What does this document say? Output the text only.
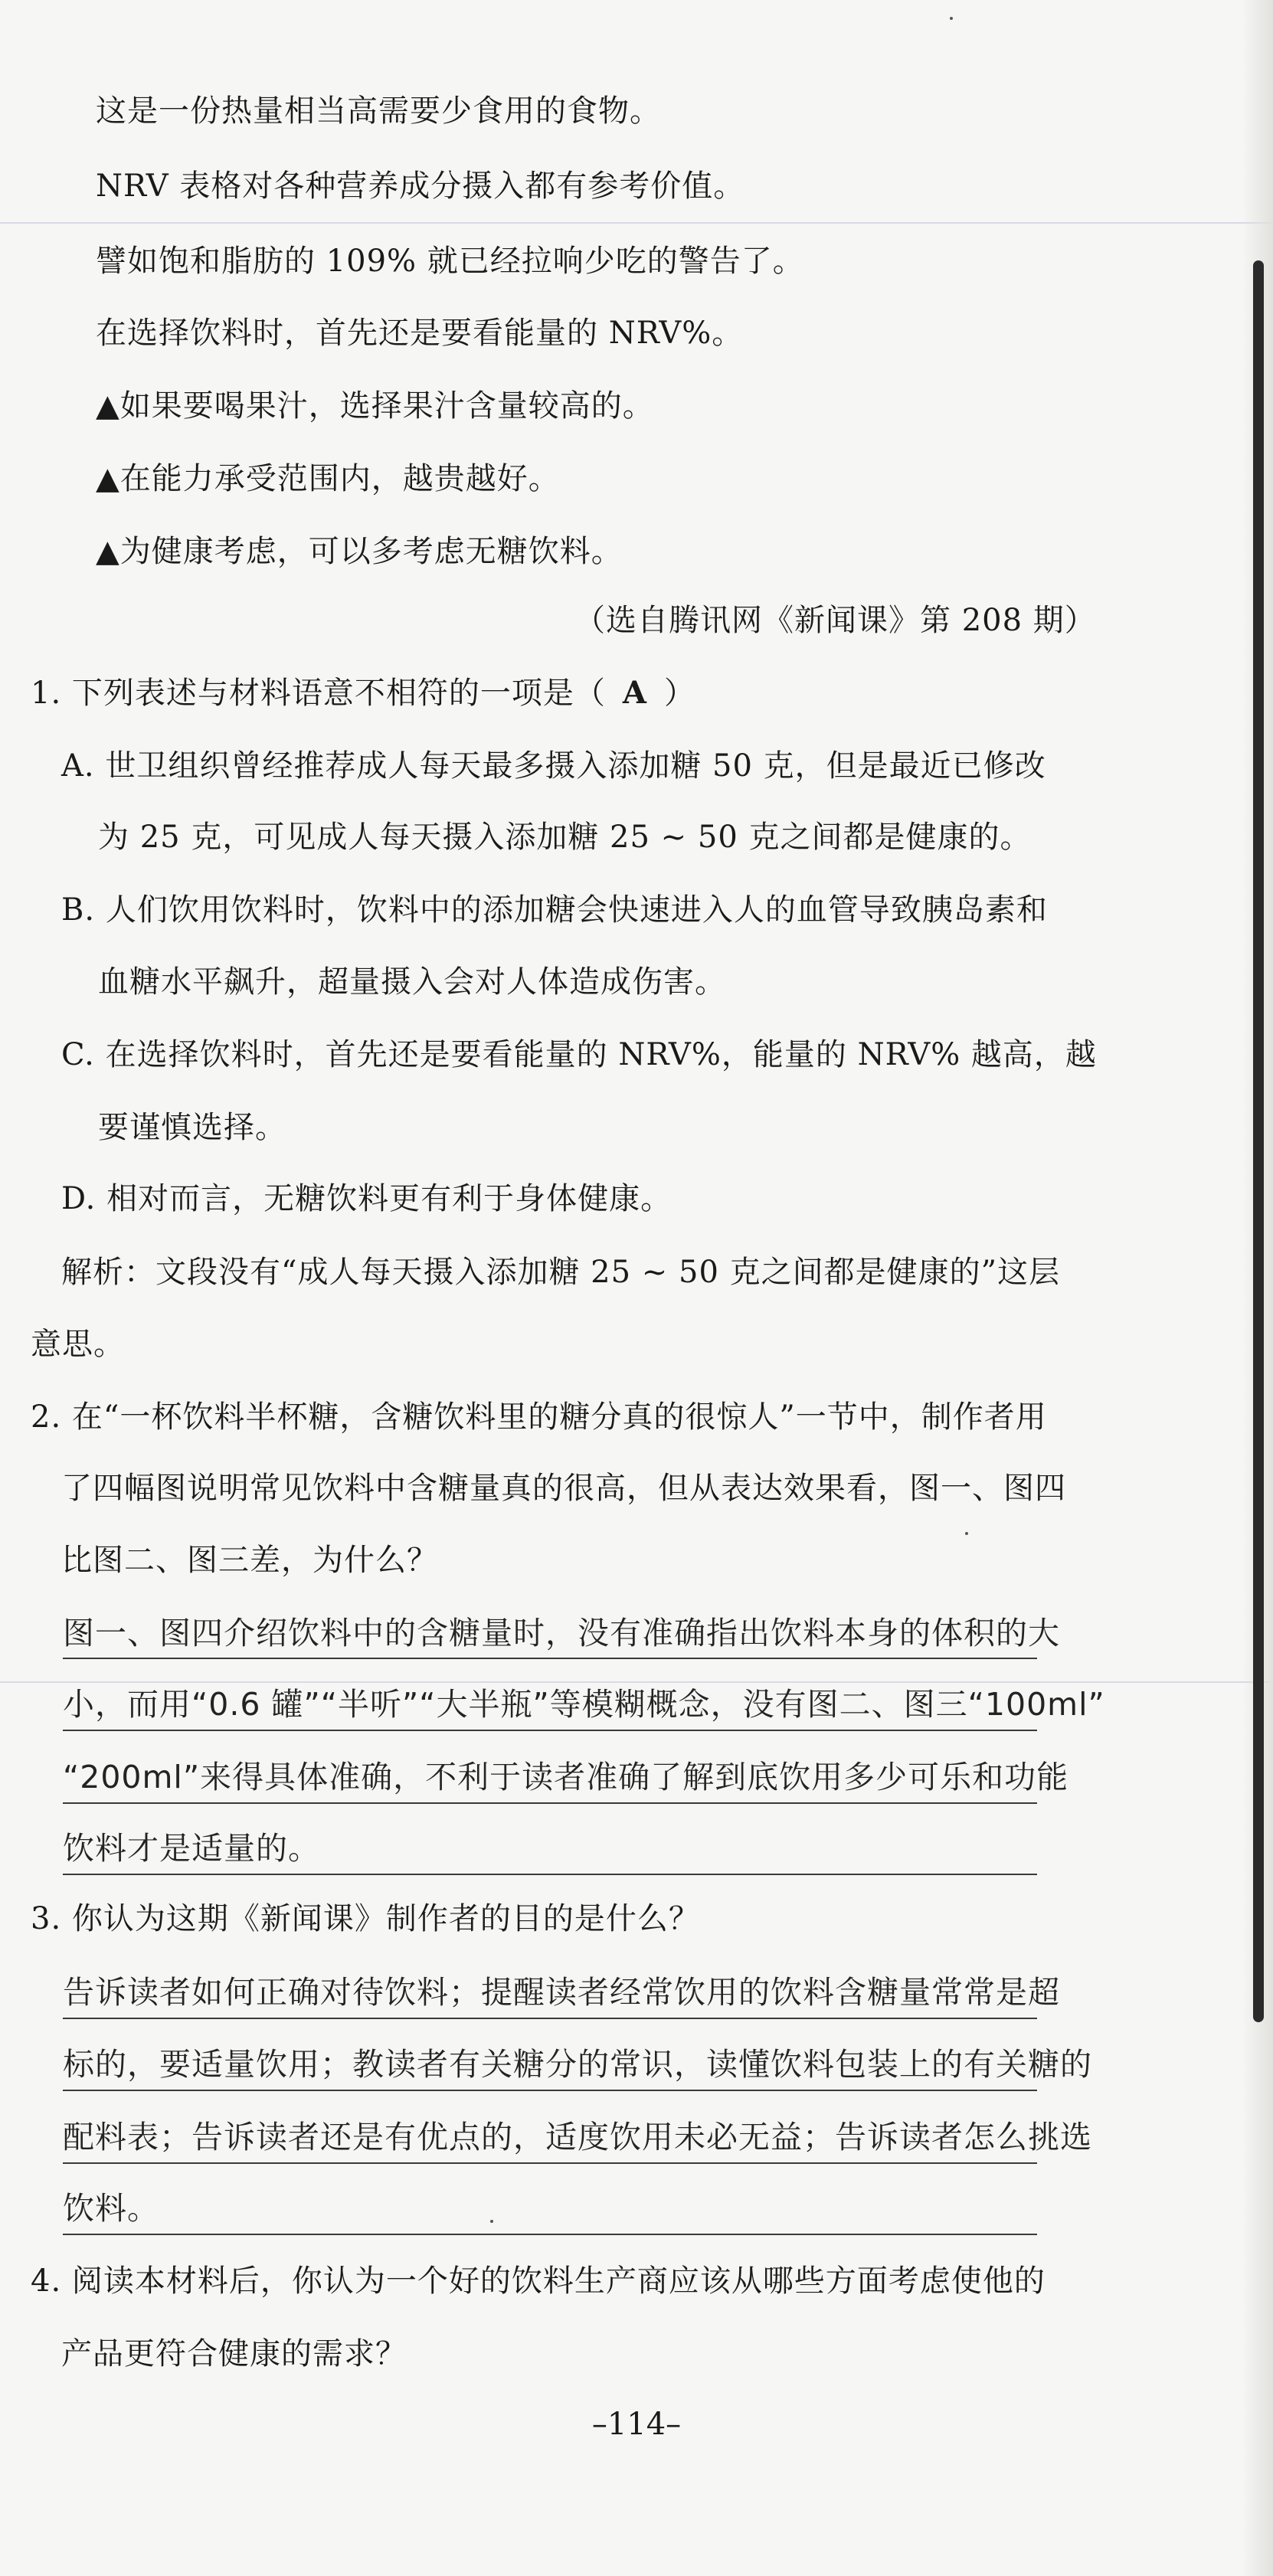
这是一份热量相当高需要少食用的食物。
NRV 表格对各种营养成分摄入都有参考价值。
譬如饱和脂肪的 109% 就已经拉响少吃的警告了。
在选择饮料时，首先还是要看能量的 NRV%。
▲如果要喝果汁，选择果汁含量较高的。
▲在能力承受范围内，越贵越好。
▲为健康考虑，可以多考虑无糖饮料。
（选自腾讯网《新闻课》第 208 期）
1. 下列表述与材料语意不相符的一项是（ A ）
A. 世卫组织曾经推荐成人每天最多摄入添加糖 50 克，但是最近已修改
为 25 克，可见成人每天摄入添加糖 25 ~ 50 克之间都是健康的。
B. 人们饮用饮料时，饮料中的添加糖会快速进入人的血管导致胰岛素和
血糖水平飙升，超量摄入会对人体造成伤害。
C. 在选择饮料时，首先还是要看能量的 NRV%，能量的 NRV% 越高，越
要谨慎选择。
D. 相对而言，无糖饮料更有利于身体健康。
解析：文段没有“成人每天摄入添加糖 25 ~ 50 克之间都是健康的”这层
意思。
2. 在“一杯饮料半杯糖，含糖饮料里的糖分真的很惊人”一节中，制作者用
了四幅图说明常见饮料中含糖量真的很高，但从表达效果看，图一、图四
比图二、图三差，为什么？
图一、图四介绍饮料中的含糖量时，没有准确指出饮料本身的体积的大
小，而用“0.6 罐”“半听”“大半瓶”等模糊概念，没有图二、图三“100ml”
“200ml”来得具体准确，不利于读者准确了解到底饮用多少可乐和功能
饮料才是适量的。
3. 你认为这期《新闻课》制作者的目的是什么？
告诉读者如何正确对待饮料；提醒读者经常饮用的饮料含糖量常常是超
标的，要适量饮用；教读者有关糖分的常识，读懂饮料包装上的有关糖的
配料表；告诉读者还是有优点的，适度饮用未必无益；告诉读者怎么挑选
饮料。
4. 阅读本材料后，你认为一个好的饮料生产商应该从哪些方面考虑使他的
产品更符合健康的需求？
–114–
